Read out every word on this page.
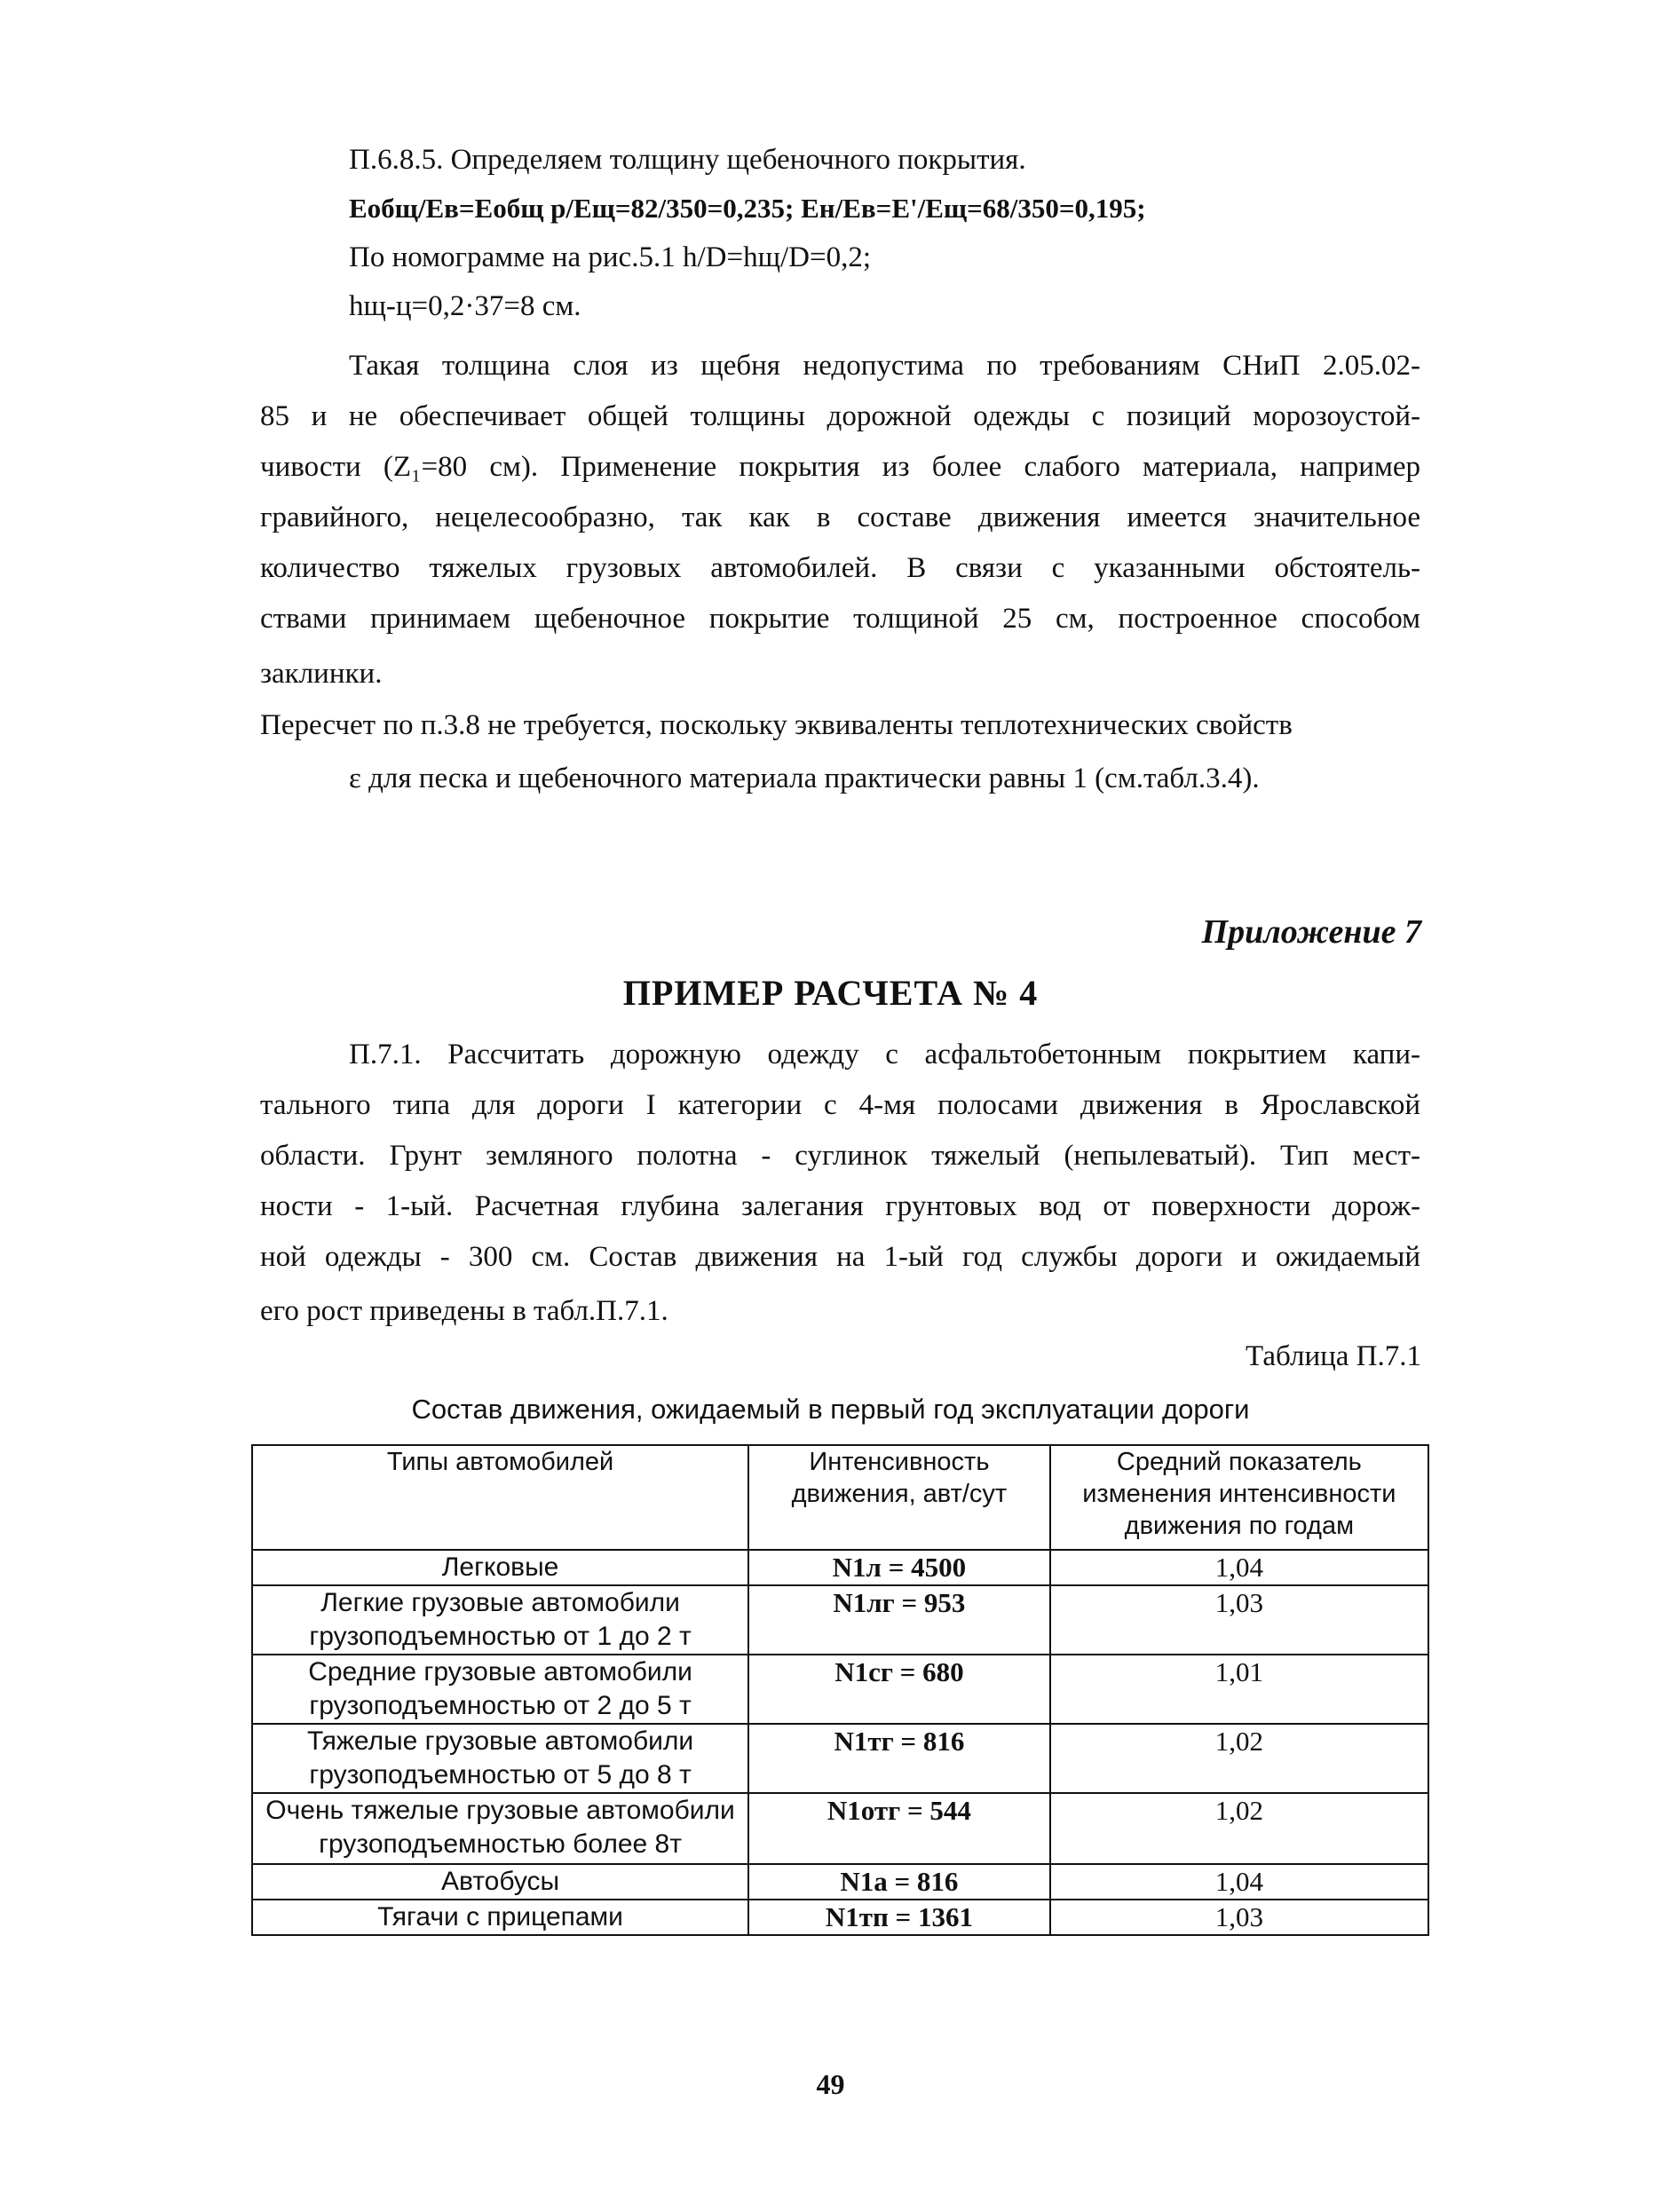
П.6.8.5. Определяем толщину щебеночного покрытия.
Еобщ/Ев=Еобщ р/Ещ=82/350=0,235; Ен/Ев=Е'/Ещ=68/350=0,195;
По номограмме на рис.5.1 h/D=hщ/D=0,2;
hщ-ц=0,2·37=8 см.
Такая толщина слоя из щебня недопустима по требованиям СНиП 2.05.02-
85 и не обеспечивает общей толщины дорожной одежды с позиций морозоустой-
чивости (Z₁=80 см). Применение покрытия из более слабого материала, например
гравийного, нецелесообразно, так как в составе движения имеется значительное
количество тяжелых грузовых автомобилей. В связи с указанными обстоятель-
ствами принимаем щебеночное покрытие толщиной 25 см, построенное способом
заклинки.
Пересчет по п.3.8 не требуется, поскольку эквиваленты теплотехнических свойств
ε для песка и щебеночного материала практически равны 1 (см.табл.3.4).
Приложение 7
ПРИМЕР РАСЧЕТА № 4
П.7.1. Рассчитать дорожную одежду с асфальтобетонным покрытием капи-
тального типа для дороги I категории с 4-мя полосами движения в Ярославской
области. Грунт земляного полотна - суглинок тяжелый (непылеватый). Тип мест-
ности - 1-ый. Расчетная глубина залегания грунтовых вод от поверхности дорож-
ной одежды - 300 см. Состав движения на 1-ый год службы дороги и ожидаемый
его рост приведены в табл.П.7.1.
Таблица П.7.1
Состав движения, ожидаемый в первый год эксплуатации дороги
Типы автомобилей	Интенсивность движения, авт/сут	Средний показатель изменения интенсивности движения по годам
Легковые	N1л = 4500	1,04
Легкие грузовые автомобили грузоподъемностью от 1 до 2 т	N1лг = 953	1,03
Средние грузовые автомобили грузоподъемностью от 2 до 5 т	N1сг = 680	1,01
Тяжелые грузовые автомобили грузоподъемностью от 5 до 8 т	N1тг = 816	1,02
Очень тяжелые грузовые автомобили грузоподъемностью более 8т	N1отг = 544	1,02
Автобусы	N1а = 816	1,04
Тягачи с прицепами	N1тп = 1361	1,03
49
